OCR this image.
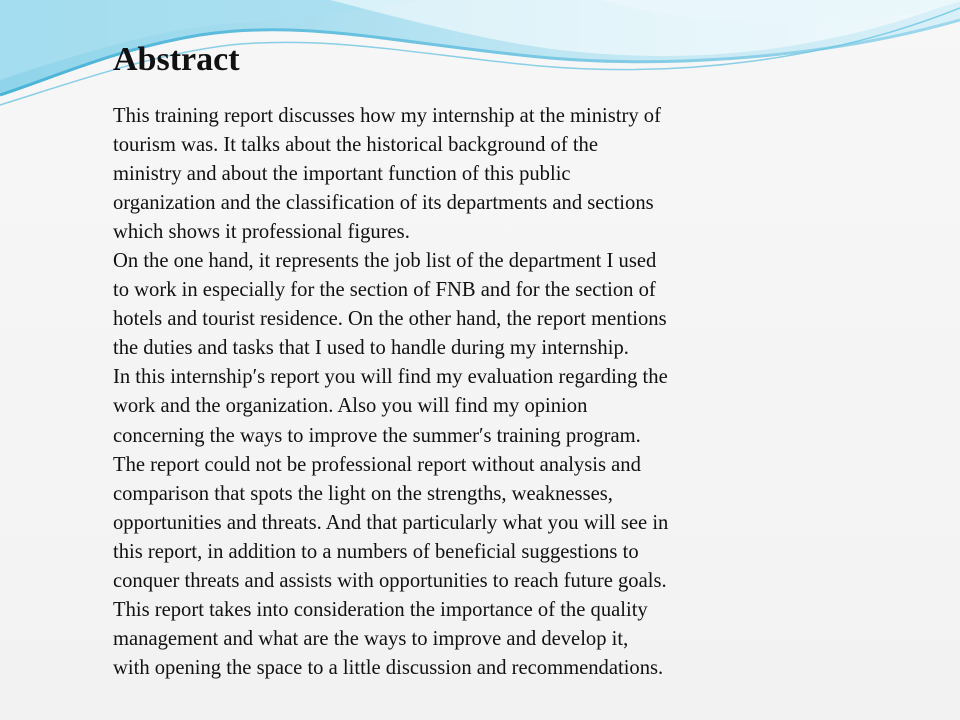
Abstract

This training report discusses how my internship at the ministry of
tourism was. It talks about the historical background of the
ministry and about the important function of this public
organization and the classification of its departments and sections
which shows it professional figures.

On the one hand, it represents the job list of the department I used
to work in especially for the section of FNB and for the section of
hotels and tourist residence. On the other hand, the report mentions
the duties and tasks that I used to handle during my internship.

In this internship′s report you will find my evaluation regarding the
work and the organization. Also you will find my opinion
concerning the ways to improve the summer′s training program.

The report could not be professional report without analysis and
comparison that spots the light on the strengths, weaknesses,
opportunities and threats. And that particularly what you will see in
this report, in addition to a numbers of beneficial suggestions to
conquer threats and assists with opportunities to reach future goals.

This report takes into consideration the importance of the quality
management and what are the ways to improve and develop it,
with opening the space to a little discussion and recommendations.
